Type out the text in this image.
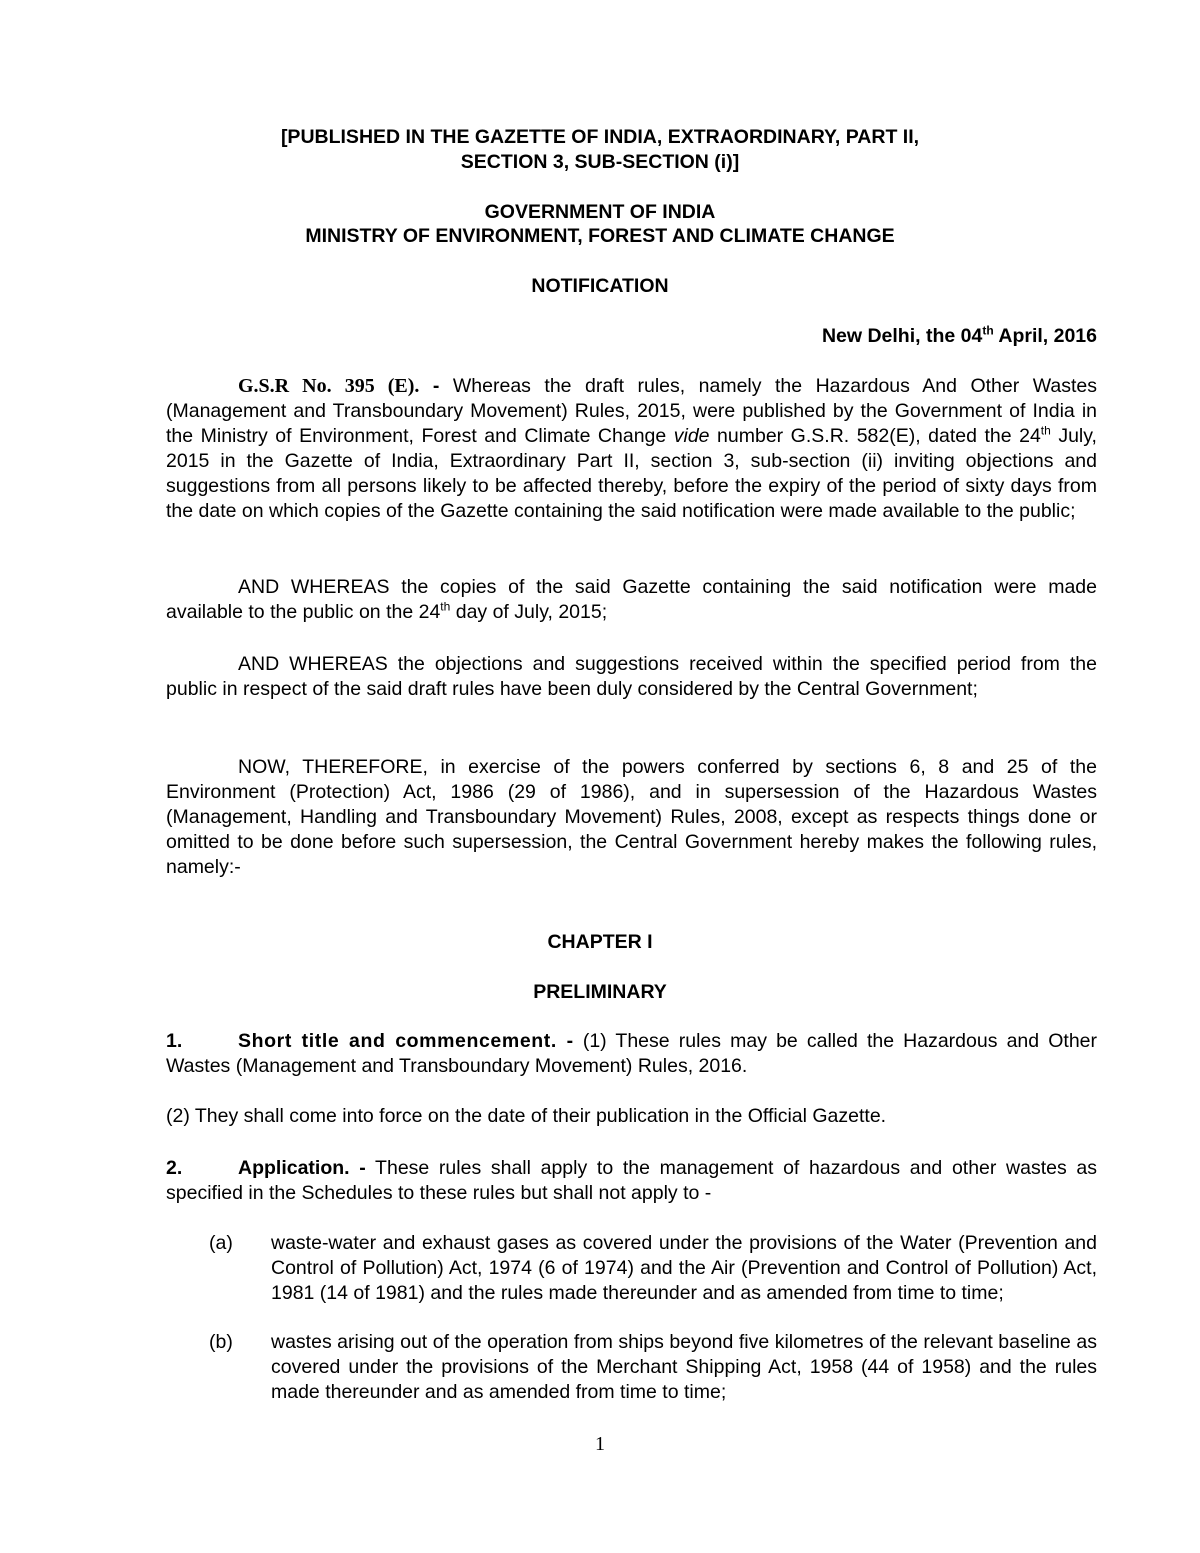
[PUBLISHED IN THE GAZETTE OF INDIA, EXTRAORDINARY, PART II,
SECTION 3, SUB-SECTION (i)]
GOVERNMENT OF INDIA
MINISTRY OF ENVIRONMENT, FOREST AND CLIMATE CHANGE
NOTIFICATION
New Delhi, the 04th April, 2016
G.S.R No. 395 (E). - Whereas the draft rules, namely the Hazardous And Other Wastes (Management and Transboundary Movement) Rules, 2015, were published by the Government of India in the Ministry of Environment, Forest and Climate Change vide number G.S.R. 582(E), dated the 24th July, 2015 in the Gazette of India, Extraordinary Part II, section 3, sub-section (ii) inviting objections and suggestions from all persons likely to be affected thereby, before the expiry of the period of sixty days from the date on which copies of the Gazette containing the said notification were made available to the public;
AND WHEREAS the copies of the said Gazette containing the said notification were made available to the public on the 24th day of July, 2015;
AND WHEREAS the objections and suggestions received within the specified period from the public in respect of the said draft rules have been duly considered by the Central Government;
NOW, THEREFORE, in exercise of the powers conferred by sections 6, 8 and 25 of the Environment (Protection) Act, 1986 (29 of 1986), and in supersession of the Hazardous Wastes (Management, Handling and Transboundary Movement) Rules, 2008, except as respects things done or omitted to be done before such supersession, the Central Government hereby makes the following rules, namely:-
CHAPTER I
PRELIMINARY
1.	Short title and commencement. - (1) These rules may be called the Hazardous and Other Wastes (Management and Transboundary Movement) Rules, 2016.
(2) They shall come into force on the date of their publication in the Official Gazette.
2.	Application. - These rules shall apply to the management of hazardous and other wastes as specified in the Schedules to these rules but shall not apply to -
(a)	waste-water and exhaust gases as covered under the provisions of the Water (Prevention and Control of Pollution) Act, 1974 (6 of 1974) and the Air (Prevention and Control of Pollution) Act, 1981 (14 of 1981) and the rules made thereunder and as amended from time to time;
(b)	wastes arising out of the operation from ships beyond five kilometres of the relevant baseline as covered under the provisions of the Merchant Shipping Act, 1958 (44 of 1958) and the rules made thereunder and as amended from time to time;
1
